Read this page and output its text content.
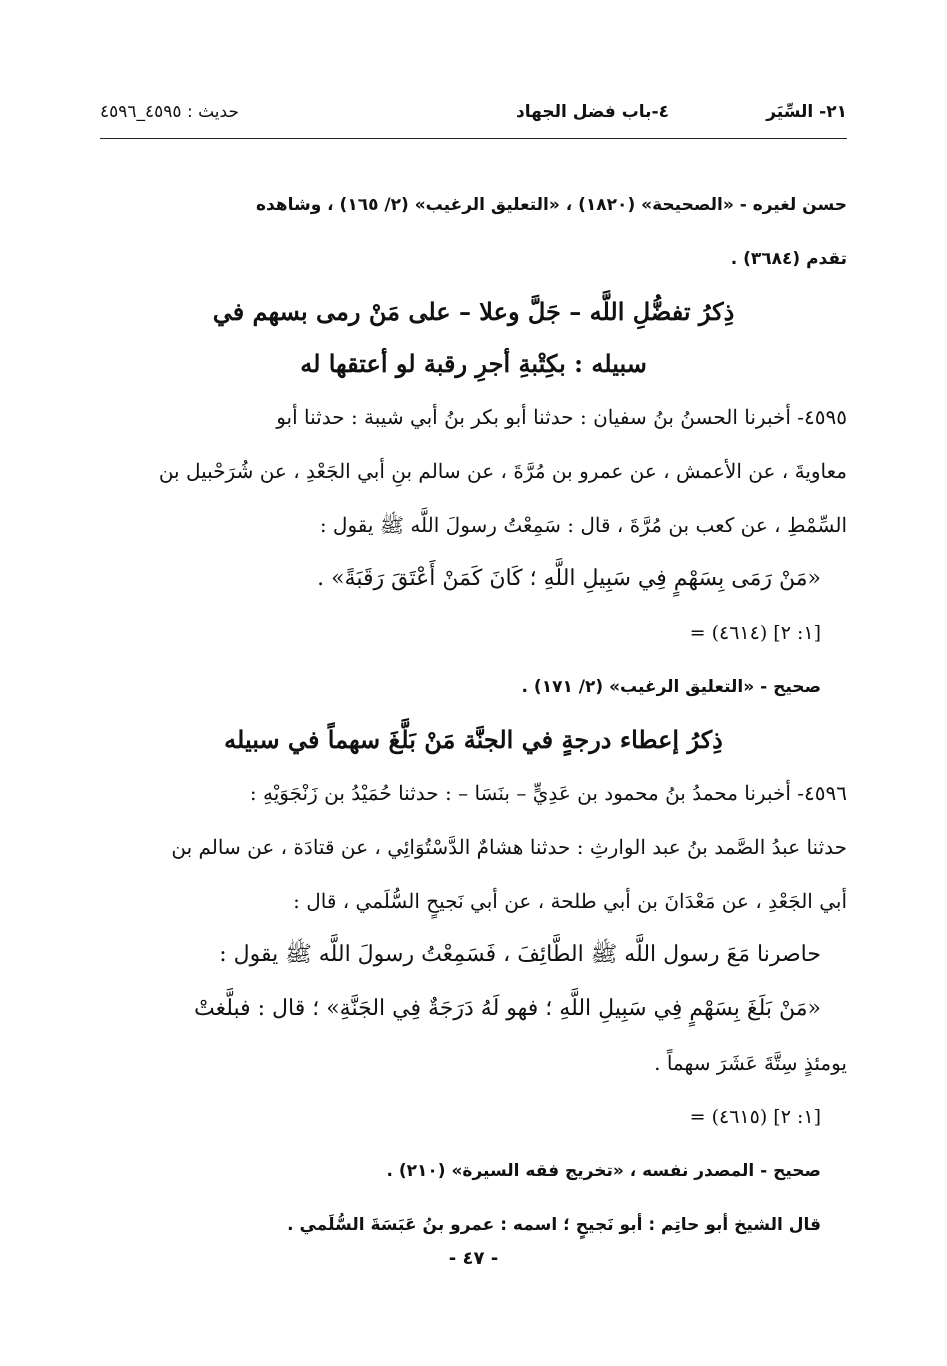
٢١- السِّيَر
٤-باب فضل الجهاد
حديث : ٤٥٩٥_٤٥٩٦

حسن لغيره - «الصحيحة» (١٨٢٠) ، «التعليق الرغيب» (٢/ ١٦٥) ، وشاهده

تقدم (٣٦٨٤) .

ذِكرُ تفضُّلِ اللَّه – جَلَّ وعلا – على مَنْ رمى بسهم في

سبيله : بكِتْبةِ أجرِ رقبة لو أعتقها له

٤٥٩٥- أخبرنا الحسنُ بنُ سفيان : حدثنا أبو بكر بنُ أبي شيبة : حدثنا أبو

معاويةَ ، عن الأعمش ، عن عمرو بن مُرَّةَ ، عن سالم بنِ أبي الجَعْدِ ، عن شُرَحْبيل بن

السِّمْطِ ، عن كعب بن مُرَّةَ ، قال : سَمِعْتُ رسولَ اللَّه ﷺ يقول :

«مَنْ رَمَى بِسَهْمٍ فِي سَبِيلِ اللَّهِ ؛ كَانَ كَمَنْ أَعْتَقَ رَقَبَةً» .

= (٤٦١٤) [١: ٢]

صحيح - «التعليق الرغيب» (٢/ ١٧١) .

ذِكرُ إعطاء درجةٍ في الجنَّة مَنْ بَلَّغَ سهماً في سبيله

٤٥٩٦- أخبرنا محمدُ بنُ محمود بن عَدِيٍّ – بنَسَا – : حدثنا حُمَيْدُ بن زَنْجَوَيْهِ :

حدثنا عبدُ الصَّمد بنُ عبد الوارثِ : حدثنا هشامٌ الدَّسْتُوَائِي ، عن قتادَة ، عن سالم بن

أبي الجَعْدِ ، عن مَعْدَانَ بن أبي طلحة ، عن أبي نَجيحٍ السُّلَمي ، قال :

حاصرنا مَعَ رسول اللَّه ﷺ الطَّائِفَ ، فَسَمِعْتُ رسولَ اللَّه ﷺ يقول :

«مَنْ بَلَغَ بِسَهْمٍ فِي سَبِيلِ اللَّهِ ؛ فهو لَهُ دَرَجَةٌ فِي الجَنَّةِ» ؛ قال : فبلَّغتْ

يومئذٍ سِتَّةَ عَشَرَ سهماً .

= (٤٦١٥) [١: ٢]

صحيح - المصدر نفسه ، «تخريج فقه السيرة» (٢١٠) .

قال الشيخ أبو حاتِم : أبو نَجيحٍ ؛ اسمه : عمرو بنُ عَبَسَةَ السُّلَمي .

- ٤٧ -
